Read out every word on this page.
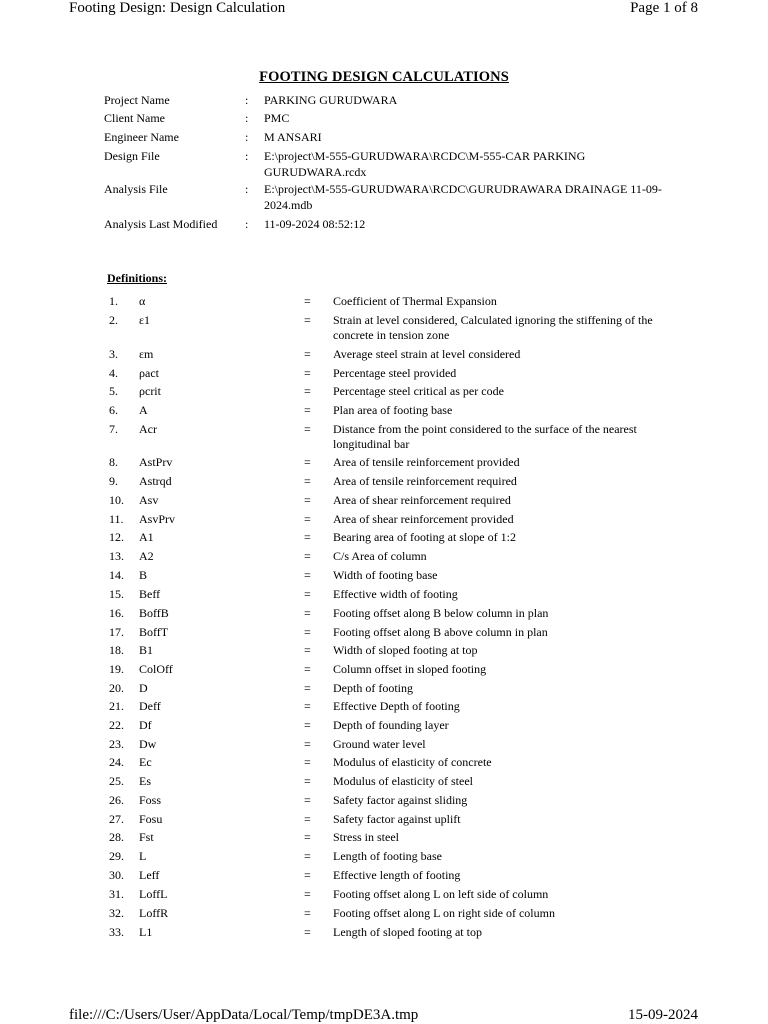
Footing Design: Design Calculation	Page 1 of 8
FOOTING DESIGN CALCULATIONS
Project Name	:	PARKING GURUDWARA
Client Name	:	PMC
Engineer Name	:	M ANSARI
Design File	:	E:\project\M-555-GURUDWARA\RCDC\M-555-CAR PARKING GURUDWARA.rcdx
Analysis File	:	E:\project\M-555-GURUDWARA\RCDC\GURUDRAWARA DRAINAGE 11-09-2024.mdb
Analysis Last Modified	:	11-09-2024 08:52:12
Definitions:
1.	α	=	Coefficient of Thermal Expansion
2.	ε1	=	Strain at level considered, Calculated ignoring the stiffening of the concrete in tension zone
3.	εm	=	Average steel strain at level considered
4.	ρact	=	Percentage steel provided
5.	ρcrit	=	Percentage steel critical as per code
6.	A	=	Plan area of footing base
7.	Acr	=	Distance from the point considered to the surface of the nearest longitudinal bar
8.	AstPrv	=	Area of tensile reinforcement provided
9.	Astrqd	=	Area of tensile reinforcement required
10.	Asv	=	Area of shear reinforcement required
11.	AsvPrv	=	Area of shear reinforcement provided
12.	A1	=	Bearing area of footing at slope of 1:2
13.	A2	=	C/s Area of column
14.	B	=	Width of footing base
15.	Beff	=	Effective width of footing
16.	BoffB	=	Footing offset along B below column in plan
17.	BoffT	=	Footing offset along B above column in plan
18.	B1	=	Width of sloped footing at top
19.	ColOff	=	Column offset in sloped footing
20.	D	=	Depth of footing
21.	Deff	=	Effective Depth of footing
22.	Df	=	Depth of founding layer
23.	Dw	=	Ground water level
24.	Ec	=	Modulus of elasticity of concrete
25.	Es	=	Modulus of elasticity of steel
26.	Foss	=	Safety factor against sliding
27.	Fosu	=	Safety factor against uplift
28.	Fst	=	Stress in steel
29.	L	=	Length of footing base
30.	Leff	=	Effective length of footing
31.	LoffL	=	Footing offset along L on left side of column
32.	LoffR	=	Footing offset along L on right side of column
33.	L1	=	Length of sloped footing at top
file:///C:/Users/User/AppData/Local/Temp/tmpDE3A.tmp	15-09-2024
